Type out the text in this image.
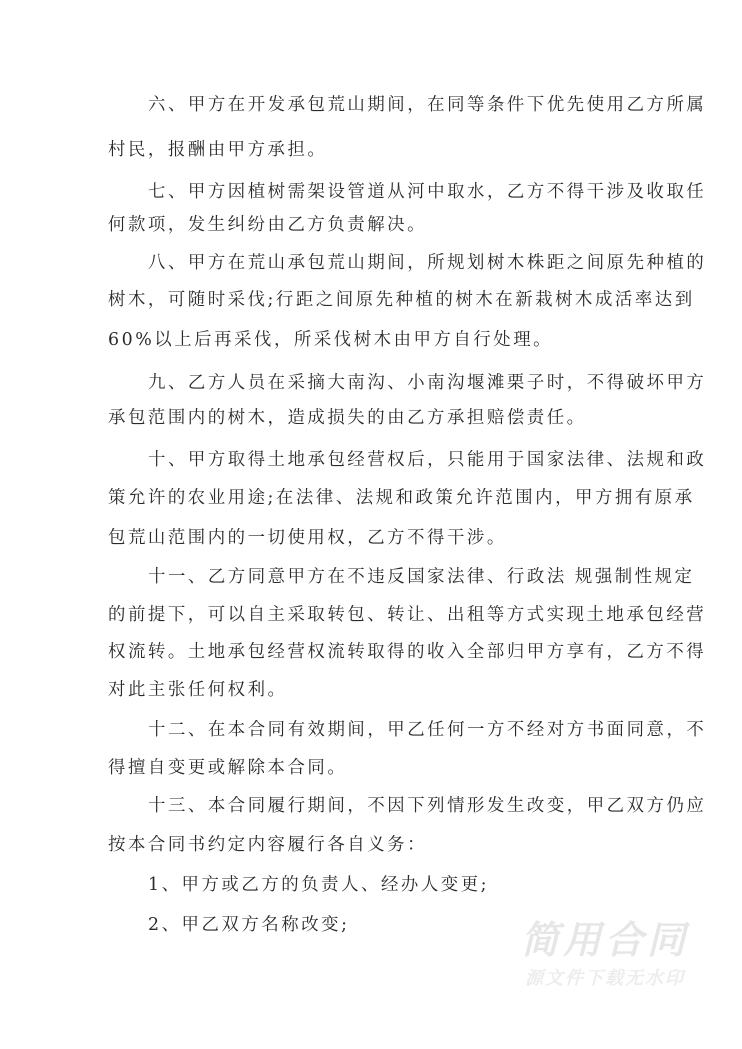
六、甲方在开发承包荒山期间，在同等条件下优先使用乙方所属
村民，报酬由甲方承担。
七、甲方因植树需架设管道从河中取水，乙方不得干涉及收取任
何款项，发生纠纷由乙方负责解决。
八、甲方在荒山承包荒山期间，所规划树木株距之间原先种植的
树木，可随时采伐;行距之间原先种植的树木在新栽树木成活率达到
60%以上后再采伐，所采伐树木由甲方自行处理。
九、乙方人员在采摘大南沟、小南沟堰滩栗子时，不得破坏甲方
承包范围内的树木，造成损失的由乙方承担赔偿责任。
十、甲方取得土地承包经营权后，只能用于国家法律、法规和政
策允许的农业用途;在法律、法规和政策允许范围内，甲方拥有原承
包荒山范围内的一切使用权，乙方不得干涉。
十一、乙方同意甲方在不违反国家法律、行政法 规强制性规定
的前提下，可以自主采取转包、转让、出租等方式实现土地承包经营
权流转。土地承包经营权流转取得的收入全部归甲方享有，乙方不得
对此主张任何权利。
十二、在本合同有效期间，甲乙任何一方不经对方书面同意，不
得擅自变更或解除本合同。
十三、本合同履行期间，不因下列情形发生改变，甲乙双方仍应
按本合同书约定内容履行各自义务：
1、甲方或乙方的负责人、经办人变更;
2、甲乙双方名称改变;	简用合同
源文件下载无水印
